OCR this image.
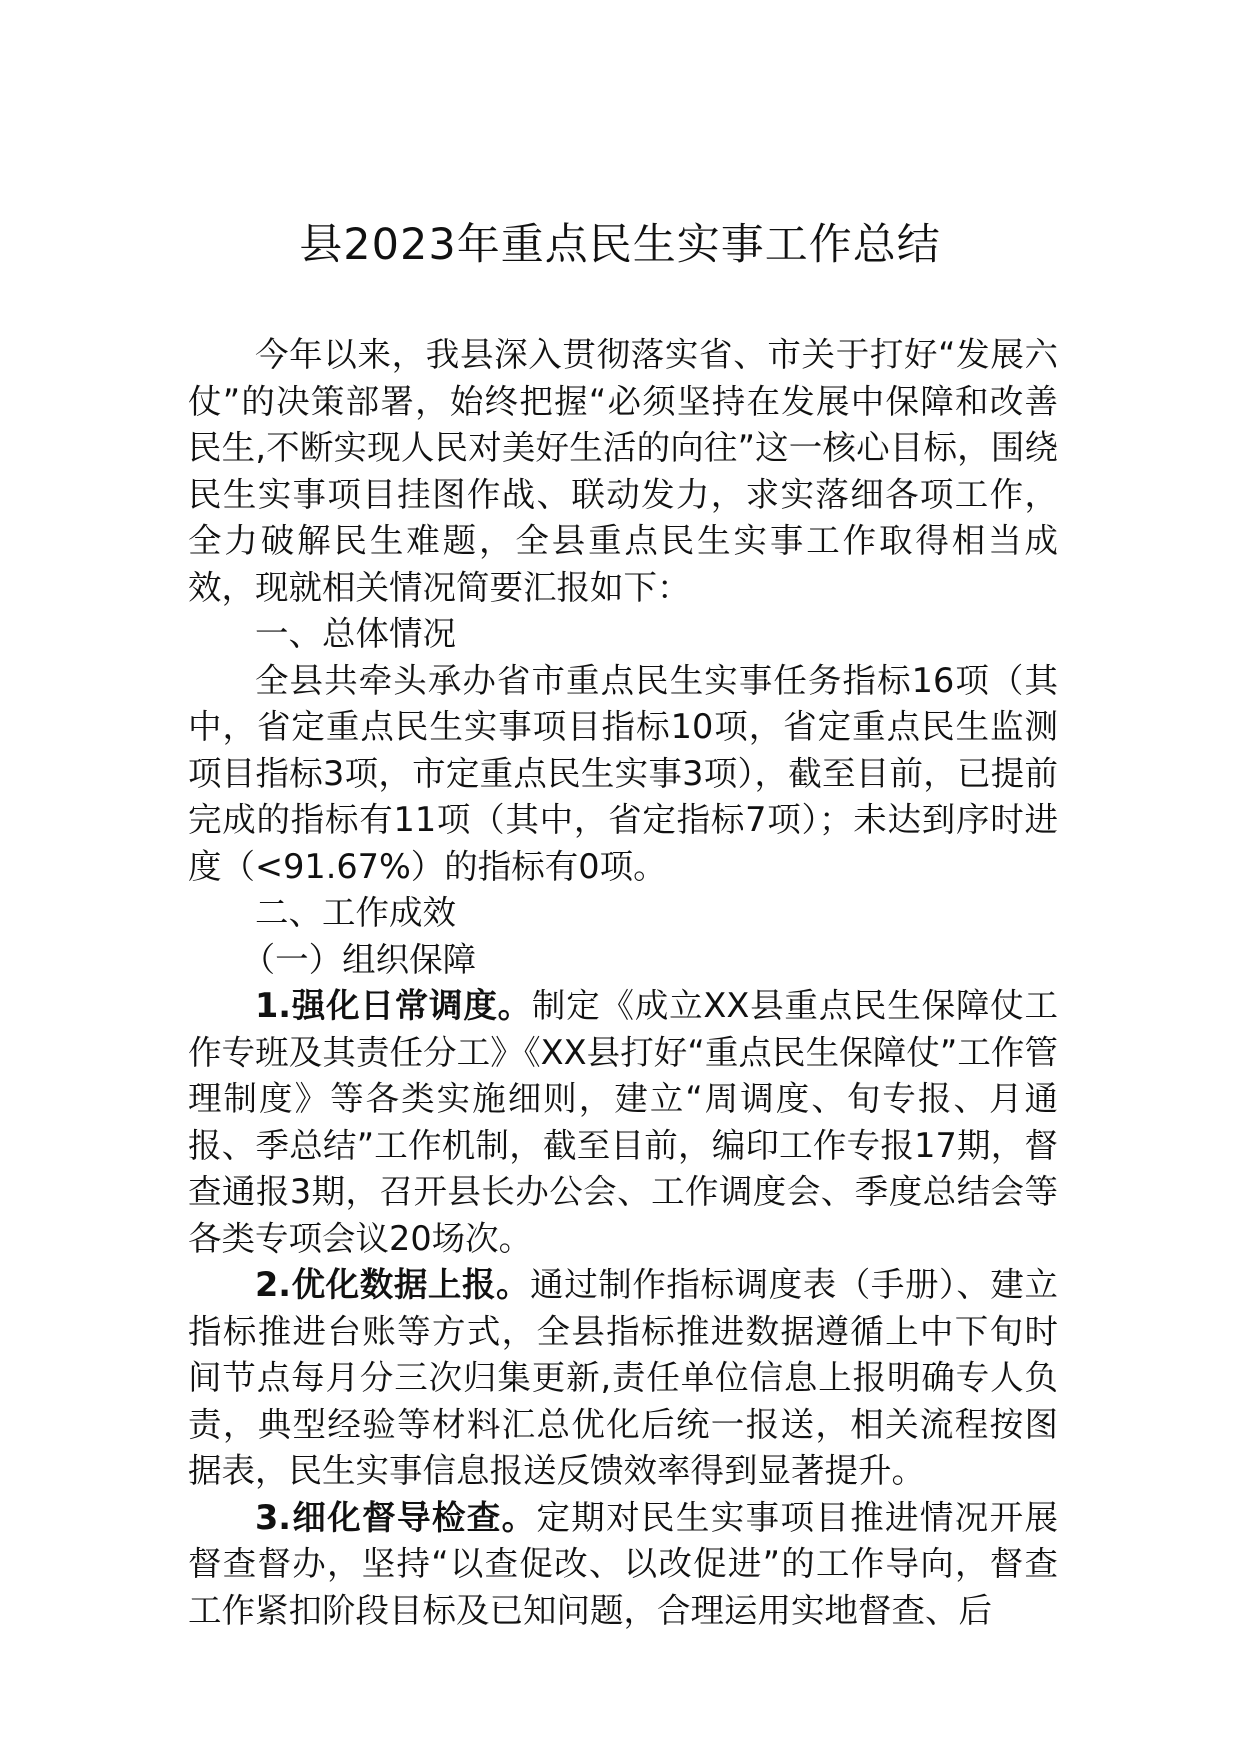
县2023年重点民生实事工作总结

今年以来，我县深入贯彻落实省、市关于打好“发展六仗”的决策部署，始终把握“必须坚持在发展中保障和改善民生,不断实现人民对美好生活的向往”这一核心目标，围绕民生实事项目挂图作战、联动发力，求实落细各项工作，全力破解民生难题，全县重点民生实事工作取得相当成效，现就相关情况简要汇报如下：

一、总体情况

全县共牵头承办省市重点民生实事任务指标16项（其中，省定重点民生实事项目指标10项，省定重点民生监测项目指标3项，市定重点民生实事3项），截至目前，已提前完成的指标有11项（其中，省定指标7项）；未达到序时进度（<91.67%）的指标有0项。

二、工作成效

（一）组织保障

1.强化日常调度。制定《成立XX县重点民生保障仗工作专班及其责任分工》《XX县打好“重点民生保障仗”工作管理制度》等各类实施细则，建立“周调度、旬专报、月通报、季总结”工作机制，截至目前，编印工作专报17期，督查通报3期，召开县长办公会、工作调度会、季度总结会等各类专项会议20场次。

2.优化数据上报。通过制作指标调度表（手册）、建立指标推进台账等方式，全县指标推进数据遵循上中下旬时间节点每月分三次归集更新,责任单位信息上报明确专人负责，典型经验等材料汇总优化后统一报送，相关流程按图据表，民生实事信息报送反馈效率得到显著提升。

3.细化督导检查。定期对民生实事项目推进情况开展督查督办，坚持“以查促改、以改促进”的工作导向，督查工作紧扣阶段目标及已知问题，合理运用实地督查、后
